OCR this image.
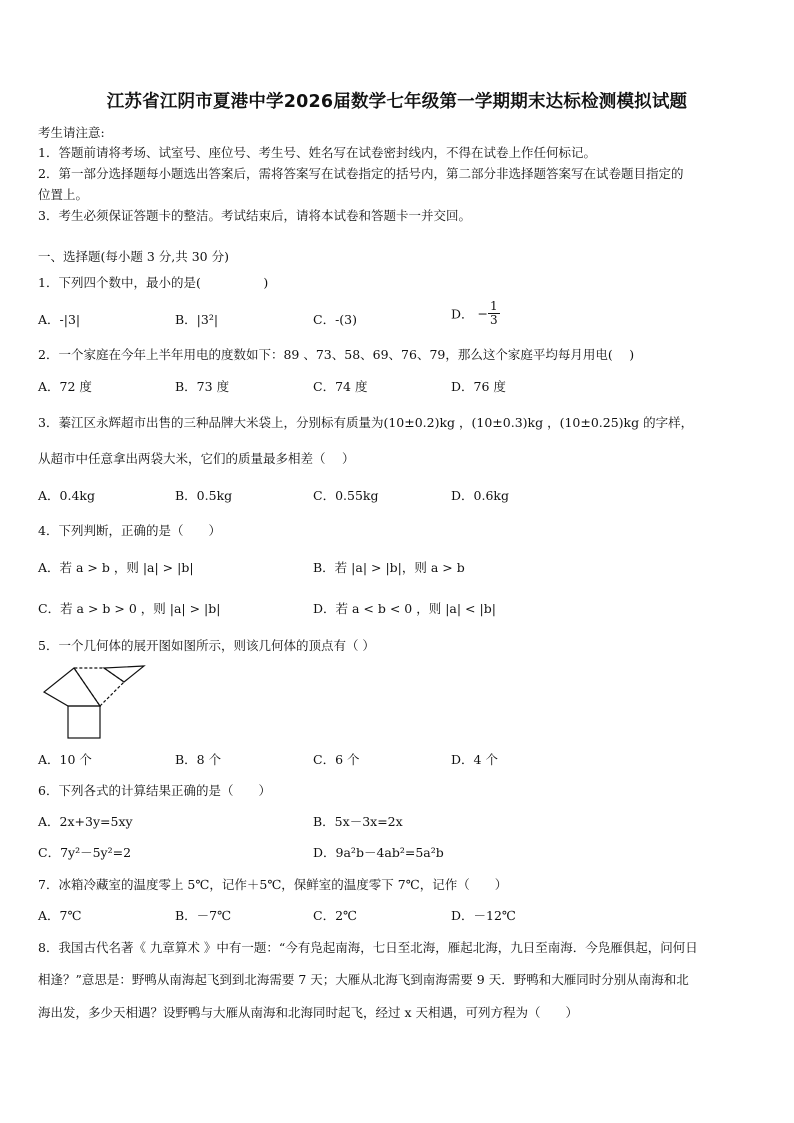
江苏省江阴市夏港中学2026届数学七年级第一学期期末达标检测模拟试题
考生请注意:
1．答题前请将考场、试室号、座位号、考生号、姓名写在试卷密封线内，不得在试卷上作任何标记。
2．第一部分选择题每小题选出答案后，需将答案写在试卷指定的括号内，第二部分非选择题答案写在试卷题目指定的
位置上。
3．考生必须保证答题卡的整洁。考试结束后，请将本试卷和答题卡一并交回。
一、选择题(每小题 3 分,共 30 分)
1．下列四个数中，最小的是(　　　　　)
A．-|3|	B．|3²|	C．-(3)	D． − $\frac{1}{3}$
2．一个家庭在今年上半年用电的度数如下：89 、73、58、69、76、79，那么这个家庭平均每月用电(　 )
A．72 度	B．73 度	C．74 度	D．76 度
3．蓁江区永辉超市出售的三种品牌大米袋上，分别标有质量为(10±0.2)kg ，(10±0.3)kg ，(10±0.25)kg 的字样，
从超市中任意拿出两袋大米，它们的质量最多相差（　 ）
A．0.4kg	B．0.5kg	C．0.55kg	D．0.6kg
4．下列判断，正确的是（　　）
A．若 a > b ，则 |a| > |b|	B．若 |a| > |b|，则 a > b
C．若 a > b > 0 ，则 |a| > |b|	D．若 a < b < 0 ，则 |a| < |b|
5．一个几何体的展开图如图所示，则该几何体的顶点有（ ）
A．10 个	B．8 个	C．6 个	D．4 个
6．下列各式的计算结果正确的是（　　）
A．2x+3y=5xy	B．5x－3x=2x
C．7y²－5y²=2	D．9a²b－4ab²=5a²b
7．冰箱冷藏室的温度零上 5℃，记作＋5℃，保鲜室的温度零下 7℃，记作（　　）
A．7℃	B．－7℃	C．2℃	D．－12℃
8．我国古代名著《 九章算术 》中有一题：“今有凫起南海，七日至北海，雁起北海，九日至南海．今凫雁俱起，问何日
相逢？”意思是：野鸭从南海起飞到到北海需要 7 天；大雁从北海飞到南海需要 9 天．野鸭和大雁同时分别从南海和北
海出发，多少天相遇？设野鸭与大雁从南海和北海同时起飞，经过 x 天相遇，可列方程为（　　）
